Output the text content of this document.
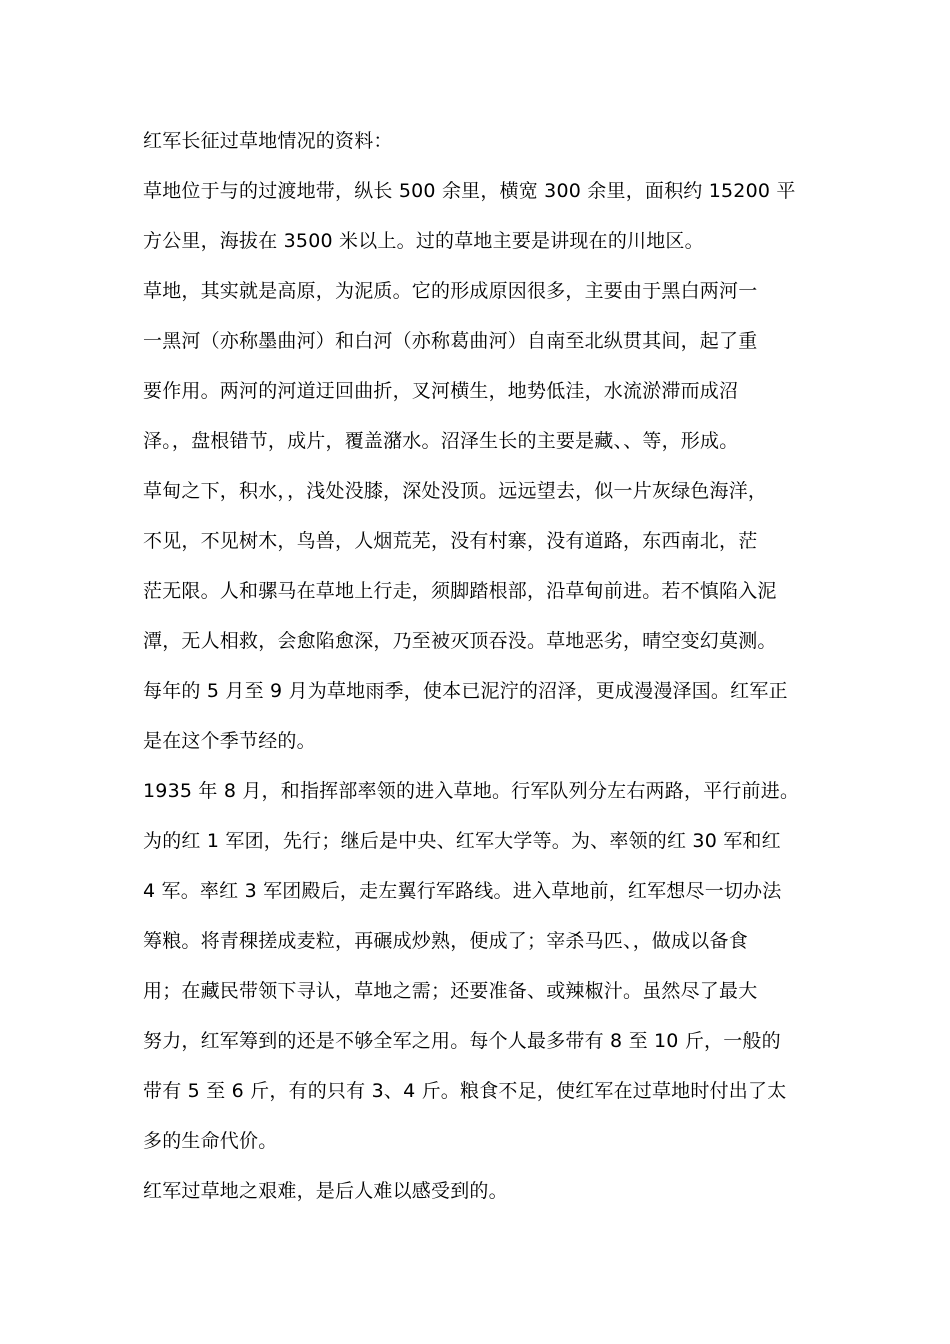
红军长征过草地情况的资料：
草地位于与的过渡地带，纵长 500 余里，横宽 300 余里，面积约 15200 平
方公里，海拔在 3500 米以上。过的草地主要是讲现在的川地区。
草地，其实就是高原，为泥质。它的形成原因很多，主要由于黑白两河一
一黑河（亦称墨曲河）和白河（亦称葛曲河）自南至北纵贯其间，起了重
要作用。两河的河道迂回曲折，叉河横生，地势低洼，水流淤滞而成沼
泽。，盘根错节，成片，覆盖潴水。沼泽生长的主要是藏、、等，形成。
草甸之下，积水，，浅处没膝，深处没顶。远远望去，似一片灰绿色海洋，
不见，不见树木，鸟兽，人烟荒芜，没有村寨，没有道路，东西南北，茫
茫无限。人和骡马在草地上行走，须脚踏根部，沿草甸前进。若不慎陷入泥
潭，无人相救，会愈陷愈深，乃至被灭顶吞没。草地恶劣，晴空变幻莫测。
每年的 5 月至 9 月为草地雨季，使本已泥泞的沼泽，更成漫漫泽国。红军正
是在这个季节经的。
1935 年 8 月，和指挥部率领的进入草地。行军队列分左右两路，平行前进。
为的红 1 军团，先行；继后是中央、红军大学等。为、率领的红 30 军和红
4 军。率红 3 军团殿后，走左翼行军路线。进入草地前，红军想尽一切办法
筹粮。将青稞搓成麦粒，再碾成炒熟，便成了；宰杀马匹、，做成以备食
用；在藏民带领下寻认，草地之需；还要准备、或辣椒汁。虽然尽了最大
努力，红军筹到的还是不够全军之用。每个人最多带有 8 至 10 斤，一般的
带有 5 至 6 斤，有的只有 3、4 斤。粮食不足，使红军在过草地时付出了太
多的生命代价。
红军过草地之艰难，是后人难以感受到的。
